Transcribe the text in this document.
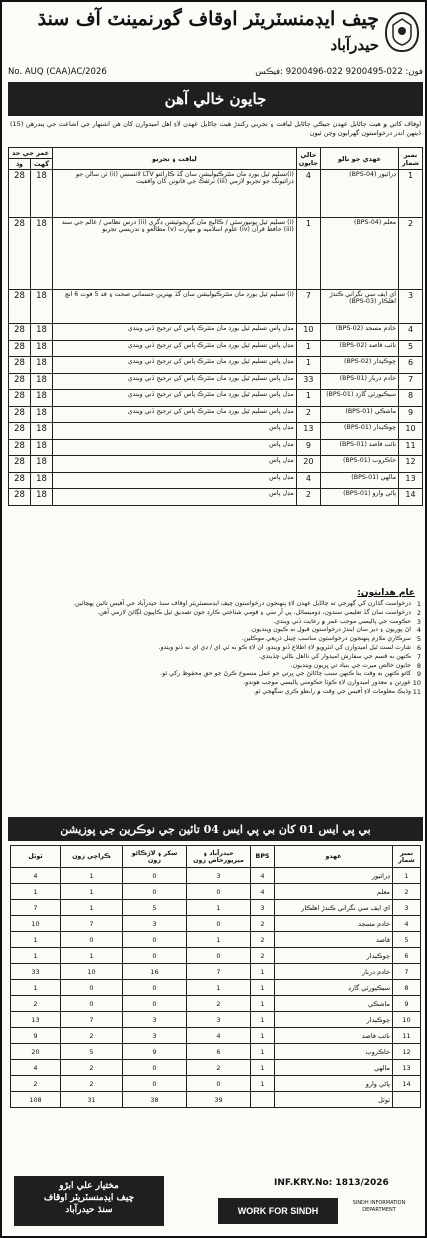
چيف ايڊمنسٽريٽر اوقاف گورنمينٽ آف سنڌ
حيدرآباد
No. AUQ (CAA)AC/2026	فون: 022-9200495 022-9200496 :فيڪس
جايون خالي آهن
اوقاف کاتي ۾ هيٺ ڄاڻايل عهدن جيڪي ڄاڻايل لياقت ۽ تجربي رکندڙ هيٺ ڄاڻايل عهدن لاءِ اهل اميدوارن کان هن اشتهار جي اشاعت جي پندرهن (15) ڏينهن اندر درخواستون گهرايون وڃن ٿيون
نمبر شمار	عهدي جو نالو	خالي جايون	لياقت ۽ تجربو	عمر جي حد	
				گهٽ	وڌ
1	ڊرائيور (BPS-04)	4	(i)تسليم ٿيل بورڊ مان مئٽرڪيوليشن سان گڏ ڪارائتو LTV لائسنس (ii) ٽن سالن جو ڊرائيونگ جو تجربو لازمي (iii) ٽرئفڪ جي قانونن کان واقفيت	18	28
2	معلم (BPS-04)	1	(i) تسليم ٿيل يونيورسٽي / ڪاليج مان گريجوئيشن ڊگري (ii) درس نظامي / عالم جي سند (iii) حافظ قرآن (iv) علوم اسلاميه ۾ مهارت (v) مطالعو ۽ تدريسي تجربو	18	28
3	اي ايف سي نگراني ڪندڙ اهلڪار (BPS-03)	7	(i) تسليم ٿيل بورڊ مان مئٽرڪيوليشن سان گڏ بهترين جسماني صحت ۽ قد 5 فوٽ 6 انچ	18	28
4	خادم مسجد (BPS-02)	10	مڊل پاس تسليم ٿيل بورڊ مان مئٽرڪ پاس کي ترجيح ڏني ويندي	18	28
5	نائب قاصد (BPS-02)	1	مڊل پاس تسليم ٿيل بورڊ مان مئٽرڪ پاس کي ترجيح ڏني ويندي	18	28
6	چوڪيدار (BPS-02)	1	مڊل پاس تسليم ٿيل بورڊ مان مئٽرڪ پاس کي ترجيح ڏني ويندي	18	28
7	خادم دربار (BPS-01)	33	مڊل پاس تسليم ٿيل بورڊ مان مئٽرڪ پاس کي ترجيح ڏني ويندي	18	28
8	سيڪيورٽي گارڊ (BPS-01)	1	مڊل پاس تسليم ٿيل بورڊ مان مئٽرڪ پاس کي ترجيح ڏني ويندي	18	28
9	ماشڪي (BPS-01)	2	مڊل پاس تسليم ٿيل بورڊ مان مئٽرڪ پاس کي ترجيح ڏني ويندي	18	28
10	چوڪيدار (BPS-01)	13	مڊل پاس	18	28
11	نائب قاصد (BPS-01)	9	مڊل پاس	18	28
12	خاڪروب (BPS-01)	20	مڊل پاس	18	28
13	مالهي (BPS-01)	4	مڊل پاس	18	28
14	پاڻي وارو (BPS-01)	2	مڊل پاس	18	28
عام هدايتون:
1
درخواست گذارن کي گهرجي ته ڄاڻايل عهدن لاءِ پنهنجون درخواستون چيف ايڊمنسٽريٽر اوقاف سنڌ حيدرآباد جي آفيس تائين پهچائين.
2
درخواست سان گڏ تعليمي سندون، ڊوميسائل، پي آر سي ۽ قومي شناختي ڪارڊ جون تصديق ٿيل ڪاپيون لڳائڻ لازمي آهن.
3
حڪومت جي پاليسي موجب عمر ۾ رعايت ڏني ويندي.
4
اڻ پوريون ۽ دير سان ايندڙ درخواستون قبول نه ڪيون وينديون.
5
سرڪاري ملازم پنهنجون درخواستون مناسب چينل ذريعي موڪلين.
6
شارٽ لسٽ ٿيل اميدوارن کي انٽرويو لاءِ اطلاع ڏنو ويندو، ان لاءِ ڪو به ٽي اي / ڊي اي نه ڏنو ويندو.
7
ڪنهن به قسم جي سفارش اميدوار کي نااهل بڻائي ڇڏيندي.
8
جايون خالص ميرٽ جي بنياد تي ڀريون وينديون.
9
کاتو ڪنهن به وقت بنا ڪنهن سبب ڄاڻائڻ جي ڀرتي جو عمل منسوخ ڪرڻ جو حق محفوظ رکي ٿو.
10
عورتن ۽ معذور اميدوارن لاءِ ڪوٽا حڪومتي پاليسي موجب هوندو.
11
وڌيڪ معلومات لاءِ آفيس جي وقت ۾ رابطو ڪري سگهجي ٿو.
بي پي ايس 01 کان بي پي ايس 04 تائين جي نوڪرين جي پوزيشن
نمبر شمار	عهدو	BPS	حيدرآباد ۽ ميرپورخاص زون	سکر ۽ لاڙڪاڻو زون	ڪراچي زون	ٽوٽل
1	ڊرائيور	4	3	0	1	4
2	معلم	4	0	0	1	1
3	اي ايف سي نگراني ڪندڙ اهلڪار	3	1	5	1	7
4	خادم مسجد	2	0	3	7	10
5	قاصد	2	1	0	0	1
6	چوڪيدار	2	0	0	1	1
7	خادم دربار	1	7	16	10	33
8	سيڪيورٽي گارڊ	1	1	0	0	1
9	ماشڪي	1	2	0	0	2
10	چوڪيدار	1	3	3	7	13
11	نائب قاصد	1	4	3	2	9
12	خاڪروب	1	6	9	5	20
13	مالهي	1	2	0	2	4
14	پاڻي وارو	1	0	0	2	2
	ٽوٽل		39	38	31	108
مختيار علي ابڙو
چيف ايڊمنسٽريٽر اوقاف
سنڌ حيدرآباد
INF.KRY.No: 1813/2026
WORK FOR SINDH
SINDH INFORMATION DEPARTMENT
